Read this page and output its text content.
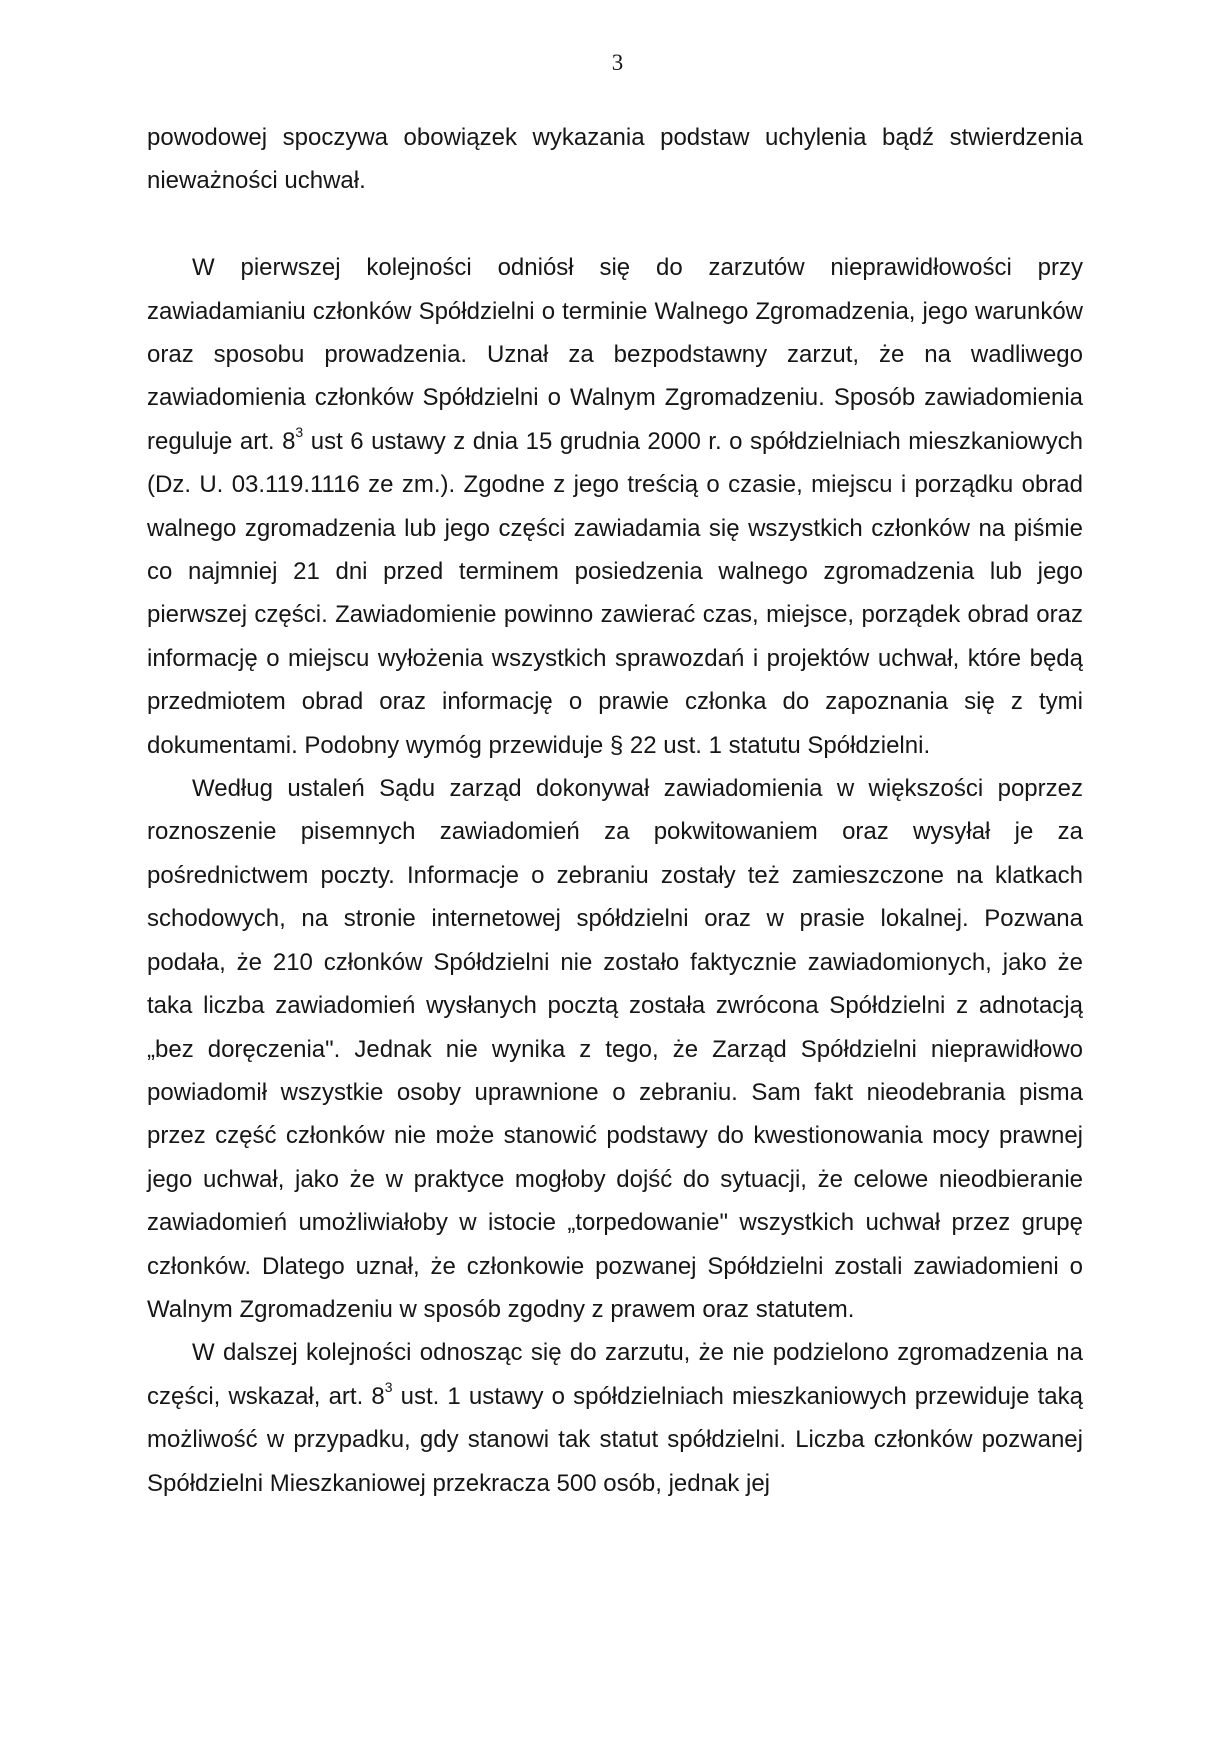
3

powodowej spoczywa obowiązek wykazania podstaw uchylenia bądź stwierdzenia nieważności uchwał.

W pierwszej kolejności odniósł się do zarzutów nieprawidłowości przy zawiadamianiu członków Spółdzielni o terminie Walnego Zgromadzenia, jego warunków oraz sposobu prowadzenia. Uznał za bezpodstawny zarzut, że na wadliwego zawiadomienia członków Spółdzielni o Walnym Zgromadzeniu. Sposób zawiadomienia reguluje art. $8^3$ ust 6 ustawy z dnia 15 grudnia 2000 r. o spółdzielniach mieszkaniowych (Dz. U. 03.119.1116 ze zm.). Zgodne z jego treścią o czasie, miejscu i porządku obrad walnego zgromadzenia lub jego części zawiadamia się wszystkich członków na piśmie co najmniej 21 dni przed terminem posiedzenia walnego zgromadzenia lub jego pierwszej części. Zawiadomienie powinno zawierać czas, miejsce, porządek obrad oraz informację o miejscu wyłożenia wszystkich sprawozdań i projektów uchwał, które będą przedmiotem obrad oraz informację o prawie członka do zapoznania się z tymi dokumentami. Podobny wymóg przewiduje § 22 ust. 1 statutu Spółdzielni.

Według ustaleń Sądu zarząd dokonywał zawiadomienia w większości poprzez roznoszenie pisemnych zawiadomień za pokwitowaniem oraz wysyłał je za pośrednictwem poczty. Informacje o zebraniu zostały też zamieszczone na klatkach schodowych, na stronie internetowej spółdzielni oraz w prasie lokalnej. Pozwana podała, że 210 członków Spółdzielni nie zostało faktycznie zawiadomionych, jako że taka liczba zawiadomień wysłanych pocztą została zwrócona Spółdzielni z adnotacją „bez doręczenia". Jednak nie wynika z tego, że Zarząd Spółdzielni nieprawidłowo powiadomił wszystkie osoby uprawnione o zebraniu. Sam fakt nieodebrania pisma przez część członków nie może stanowić podstawy do kwestionowania mocy prawnej jego uchwał, jako że w praktyce mogłoby dojść do sytuacji, że celowe nieodbieranie zawiadomień umożliwiałoby w istocie „torpedowanie" wszystkich uchwał przez grupę członków. Dlatego uznał, że członkowie pozwanej Spółdzielni zostali zawiadomieni o Walnym Zgromadzeniu w sposób zgodny z prawem oraz statutem.

W dalszej kolejności odnosząc się do zarzutu, że nie podzielono zgromadzenia na części, wskazał, art. $8^3$ ust. 1 ustawy o spółdzielniach mieszkaniowych przewiduje taką możliwość w przypadku, gdy stanowi tak statut spółdzielni. Liczba członków pozwanej Spółdzielni Mieszkaniowej przekracza 500 osób, jednak jej
